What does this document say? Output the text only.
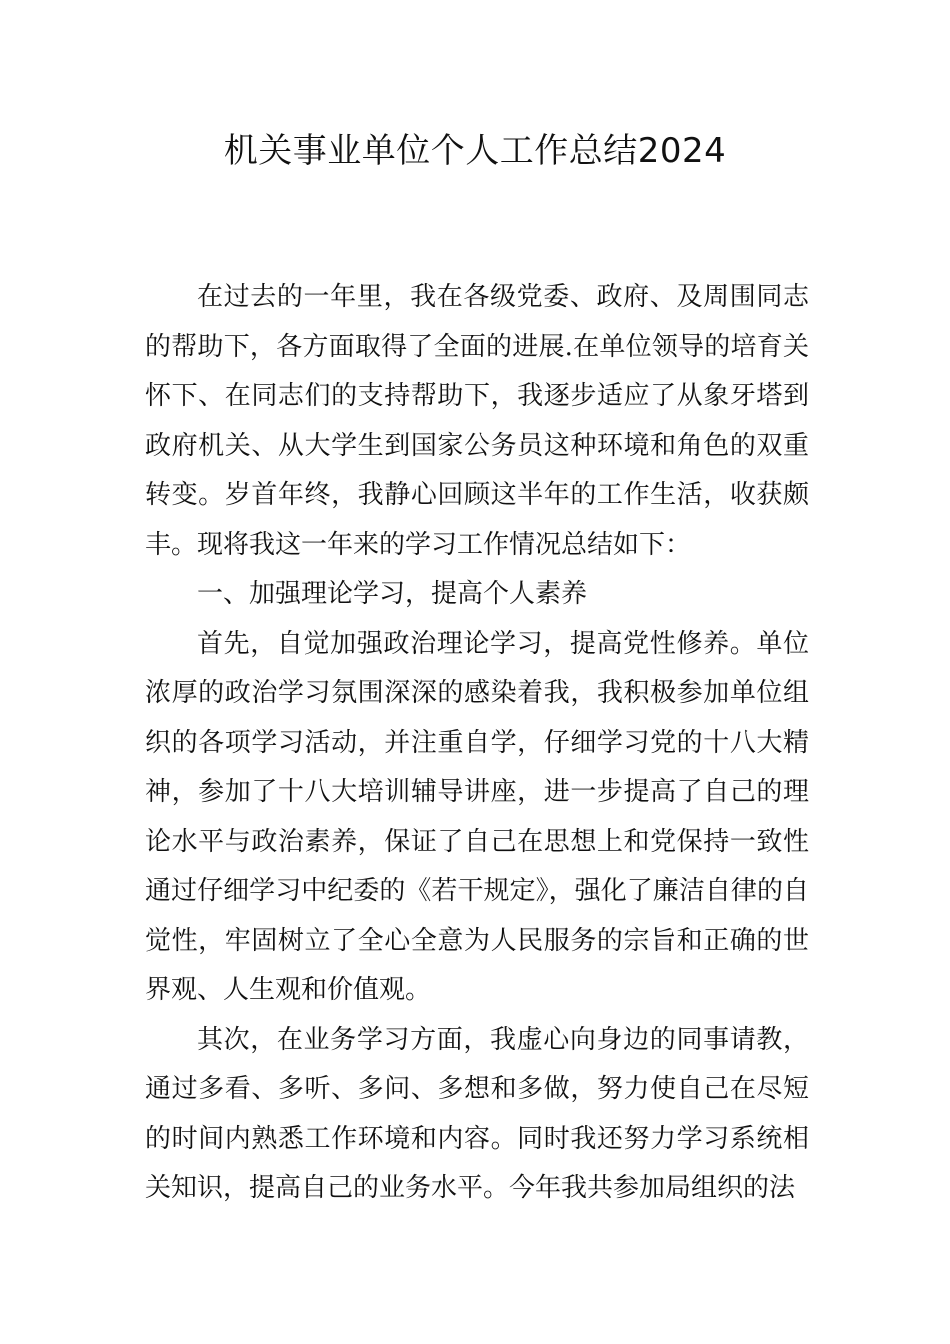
机关事业单位个人工作总结2024

在过去的一年里，我在各级党委、政府、及周围同志的帮助下，各方面取得了全面的进展.在单位领导的培育关怀下、在同志们的支持帮助下，我逐步适应了从象牙塔到政府机关、从大学生到国家公务员这种环境和角色的双重转变。岁首年终，我静心回顾这半年的工作生活，收获颇丰。现将我这一年来的学习工作情况总结如下：

一、加强理论学习，提高个人素养

首先，自觉加强政治理论学习，提高党性修养。单位浓厚的政治学习氛围深深的感染着我，我积极参加单位组织的各项学习活动，并注重自学，仔细学习党的十八大精神，参加了十八大培训辅导讲座，进一步提高了自己的理论水平与政治素养，保证了自己在思想上和党保持一致性通过仔细学习中纪委的《若干规定》，强化了廉洁自律的自觉性，牢固树立了全心全意为人民服务的宗旨和正确的世界观、人生观和价值观。

其次，在业务学习方面，我虚心向身边的同事请教，通过多看、多听、多问、多想和多做，努力使自己在尽短的时间内熟悉工作环境和内容。同时我还努力学习系统相关知识，提高自己的业务水平。今年我共参加局组织的法
